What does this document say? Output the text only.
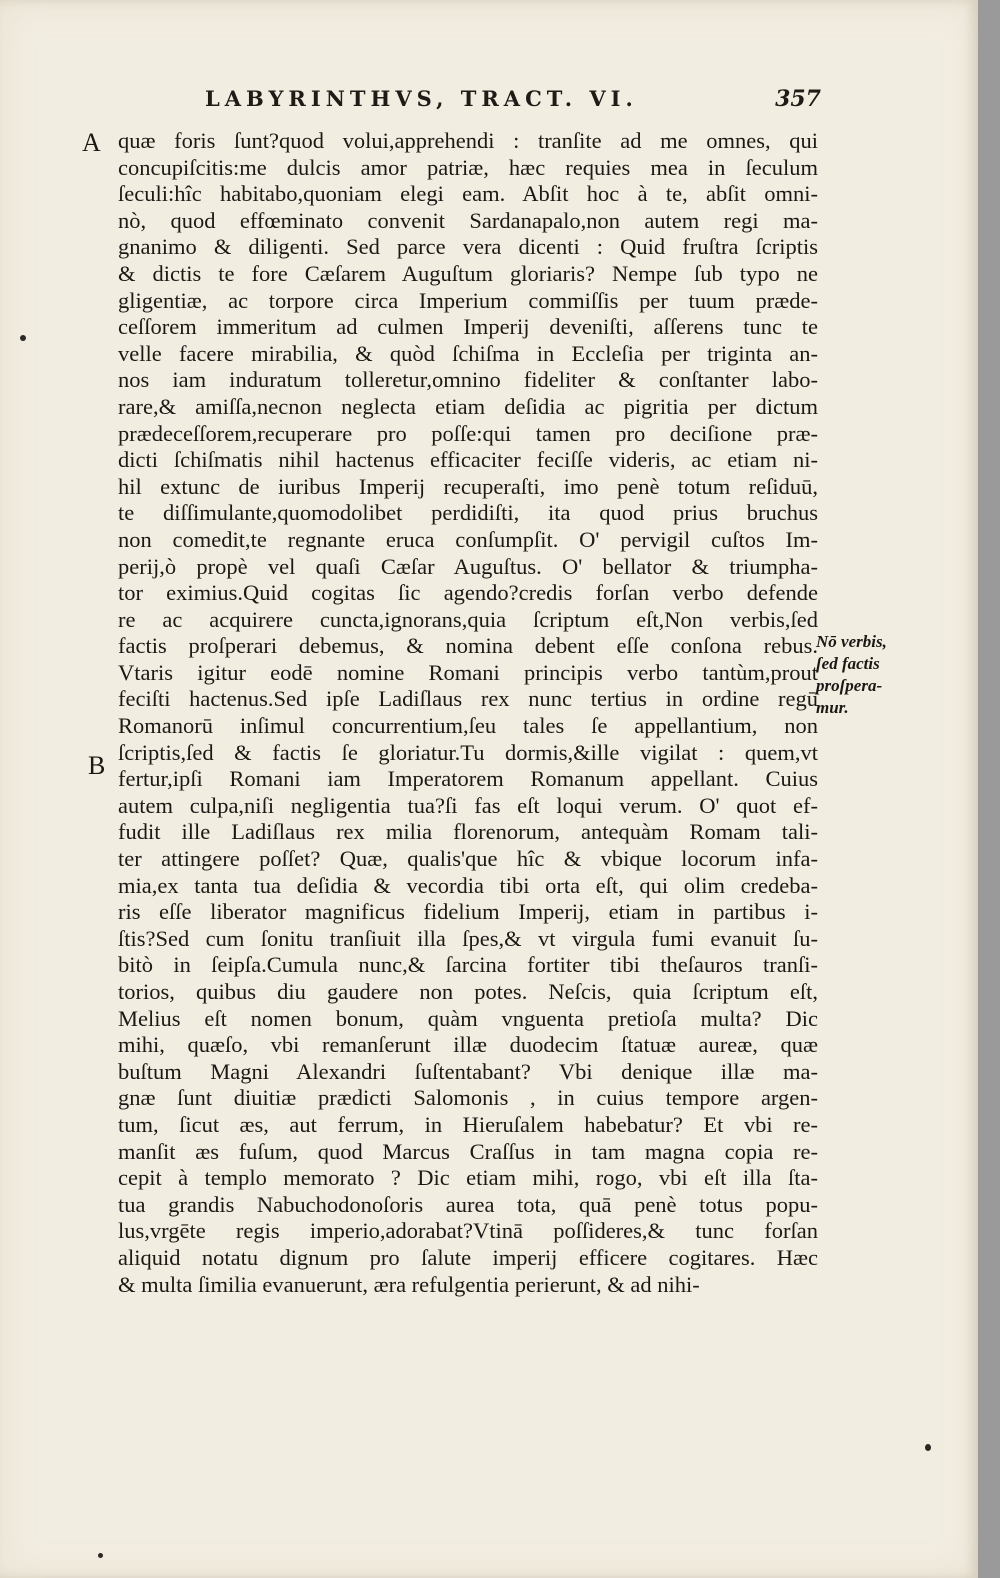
LABYRINTHVS, TRACT. VI.	357
A
B
quæ foris ſunt?quod volui,apprehendi : tranſite ad me omnes, qui
concupiſcitis:me dulcis amor patriæ, hæc requies mea in ſeculum
ſeculi:hîc habitabo,quoniam elegi eam. Abſit hoc à te, abſit omni-
nò, quod effœminato convenit Sardanapalo,non autem regi ma-
gnanimo & diligenti. Sed parce vera dicenti : Quid fruſtra ſcriptis
& dictis te fore Cæſarem Auguſtum gloriaris? Nempe ſub typo ne
gligentiæ, ac torpore circa Imperium commiſſis per tuum præde-
ceſſorem immeritum ad culmen Imperij deveniſti, aſſerens tunc te
velle facere mirabilia, & quòd ſchiſma in Eccleſia per triginta an-
nos iam induratum tolleretur,omnino fideliter & conſtanter labo-
rare,& amiſſa,necnon neglecta etiam deſidia ac pigritia per dictum
prædeceſſorem,recuperare pro poſſe:qui tamen pro deciſione præ-
dicti ſchiſmatis nihil hactenus efficaciter feciſſe videris, ac etiam ni-
hil extunc de iuribus Imperij recuperaſti, imo penè totum reſiduū,
te diſſimulante,quomodolibet perdidiſti, ita quod prius bruchus
non comedit,te regnante eruca conſumpſit. O' pervigil cuſtos Im-
perij,ò propè vel quaſi Cæſar Auguſtus. O' bellator & triumpha-
tor eximius.Quid cogitas ſic agendo?credis forſan verbo defende
re ac acquirere cuncta,ignorans,quia ſcriptum eſt,Non verbis,ſed
factis proſperari debemus, & nomina debent eſſe conſona rebus.
Vtaris igitur eodē nomine Romani principis verbo tantùm,prout
feciſti hactenus.Sed ipſe Ladiſlaus rex nunc tertius in ordine regū
Romanorū inſimul concurrentium,ſeu tales ſe appellantium, non
ſcriptis,ſed & factis ſe gloriatur.Tu dormis,&ille vigilat : quem,vt
fertur,ipſi Romani iam Imperatorem Romanum appellant. Cuius
autem culpa,niſi negligentia tua?ſi fas eſt loqui verum. O' quot ef-
fudit ille Ladiſlaus rex milia florenorum, antequàm Romam tali-
ter attingere poſſet? Quæ, qualis'que hîc & vbique locorum infa-
mia,ex tanta tua deſidia & vecordia tibi orta eſt, qui olim credeba-
ris eſſe liberator magnificus fidelium Imperij, etiam in partibus i-
ſtis?Sed cum ſonitu tranſiuit illa ſpes,& vt virgula fumi evanuit ſu-
bitò in ſeipſa.Cumula nunc,& ſarcina fortiter tibi theſauros tranſi-
torios, quibus diu gaudere non potes. Neſcis, quia ſcriptum eſt,
Melius eſt nomen bonum, quàm vnguenta pretioſa multa? Dic
mihi, quæſo, vbi remanſerunt illæ duodecim ſtatuæ aureæ, quæ
buſtum Magni Alexandri ſuſtentabant? Vbi denique illæ ma-
gnæ ſunt diuitiæ prædicti Salomonis , in cuius tempore argen-
tum, ſicut æs, aut ferrum, in Hieruſalem habebatur? Et vbi re-
manſit æs fuſum, quod Marcus Craſſus in tam magna copia re-
cepit à templo memorato ? Dic etiam mihi, rogo, vbi eſt illa ſta-
tua grandis Nabuchodonoſoris aurea tota, quā penè totus popu-
lus,vrgēte regis imperio,adorabat?Vtinā poſſideres,& tunc forſan
aliquid notatu dignum pro ſalute imperij efficere cogitares. Hæc
& multa ſimilia evanuerunt, æra refulgentia perierunt, & ad nihi-
Nō verbis,
ſed factis
proſpera-
mur.
